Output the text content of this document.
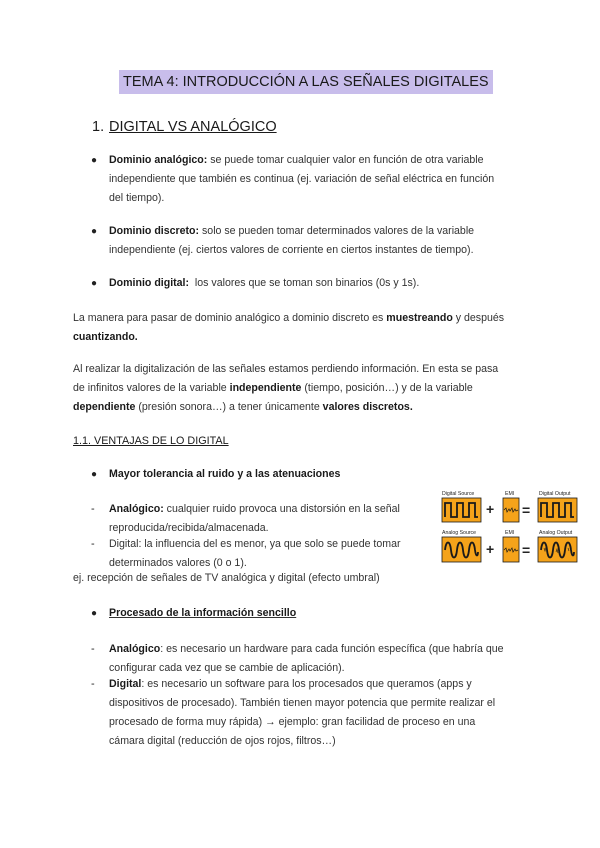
TEMA 4: INTRODUCCIÓN A LAS SEÑALES DIGITALES
1. DIGITAL VS ANALÓGICO
● Dominio analógico: se puede tomar cualquier valor en función de otra variable
independiente que también es continua (ej. variación de señal eléctrica en función
del tiempo).
● Dominio discreto: solo se pueden tomar determinados valores de la variable
independiente (ej. ciertos valores de corriente en ciertos instantes de tiempo).
● Dominio digital:  los valores que se toman son binarios (0s y 1s).
La manera para pasar de dominio analógico a dominio discreto es muestreando y después
cuantizando.
Al realizar la digitalización de las señales estamos perdiendo información. En esta se pasa
de infinitos valores de la variable independiente (tiempo, posición…) y de la variable
dependiente (presión sonora…) a tener únicamente valores discretos.
1.1. VENTAJAS DE LO DIGITAL
● Mayor tolerancia al ruido y a las atenuaciones
- Analógico: cualquier ruido provoca una distorsión en la señal
reproducida/recibida/almacenada.
- Digital: la influencia del es menor, ya que solo se puede tomar
determinados valores (0 o 1).
ej. recepción de señales de TV analógica y digital (efecto umbral)
Digital Source	EMI	Digital Output
+ =
Analog Source	EMI	Analog Output
+ =
● Procesado de la información sencillo
- Analógico: es necesario un hardware para cada función específica (que habría que
configurar cada vez que se cambie de aplicación).
- Digital: es necesario un software para los procesados que queramos (apps y
dispositivos de procesado). También tienen mayor potencia que permite realizar el
procesado de forma muy rápida) → ejemplo: gran facilidad de proceso en una
cámara digital (reducción de ojos rojos, filtros…)
